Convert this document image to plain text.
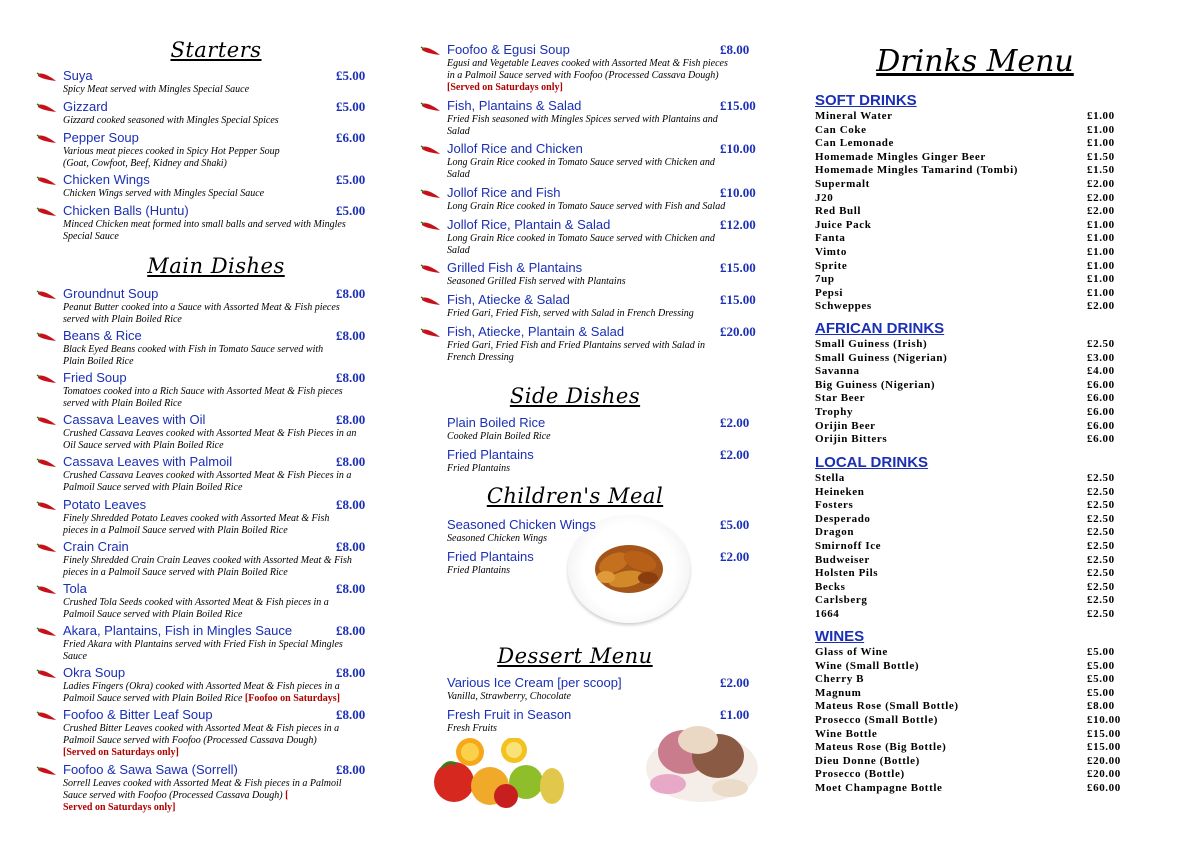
Starters
Suya	£5.00
Spicy Meat served with Mingles Special Sauce
Gizzard	£5.00
Gizzard cooked seasoned with Mingles Special Spices
Pepper Soup	£6.00
Various meat pieces cooked in Spicy Hot Pepper Soup
(Goat, Cowfoot, Beef, Kidney and Shaki)
Chicken Wings	£5.00
Chicken Wings served with Mingles Special Sauce
Chicken Balls (Huntu)	£5.00
Minced Chicken meat formed into small balls and served with Mingles
Special Sauce
Main Dishes
Groundnut Soup	£8.00
Peanut Butter cooked into a Sauce with Assorted Meat & Fish pieces
served with Plain Boiled Rice
Beans & Rice	£8.00
Black Eyed Beans cooked with Fish in Tomato Sauce served with
Plain Boiled Rice
Fried Soup	£8.00
Tomatoes cooked into a Rich Sauce with Assorted Meat & Fish pieces
served with Plain Boiled Rice
Cassava Leaves with Oil	£8.00
Crushed Cassava Leaves cooked with Assorted Meat & Fish Pieces in an
Oil Sauce served with Plain Boiled Rice
Cassava Leaves with Palmoil	£8.00
Crushed Cassava Leaves cooked with Assorted Meat & Fish Pieces in a
Palmoil Sauce served with Plain Boiled Rice
Potato Leaves	£8.00
Finely Shredded Potato Leaves cooked with Assorted Meat & Fish
pieces in a Palmoil Sauce served with Plain Boiled Rice
Crain Crain	£8.00
Finely Shredded Crain Crain Leaves cooked with Assorted Meat & Fish
pieces in a Palmoil Sauce served with Plain Boiled Rice
Tola	£8.00
Crushed Tola Seeds cooked with Assorted Meat & Fish pieces in a
Palmoil Sauce served with Plain Boiled Rice
Akara, Plantains, Fish in Mingles Sauce	£8.00
Fried Akara with Plantains served with Fried Fish in Special Mingles
Sauce
Okra Soup	£8.00
Ladies Fingers (Okra) cooked with Assorted Meat & Fish pieces in a
Palmoil Sauce served with Plain Boiled Rice [Foofoo on Saturdays]
Foofoo & Bitter Leaf Soup	£8.00
Crushed Bitter Leaves cooked with Assorted Meat & Fish pieces in a
Palmoil Sauce served with Foofoo (Processed Cassava Dough)
[Served on Saturdays only]
Foofoo & Sawa Sawa (Sorrell)	£8.00
Sorrell Leaves cooked with Assorted Meat & Fish pieces in a Palmoil
Sauce served with Foofoo (Processed Cassava Dough) [
Served on Saturdays only]
Foofoo & Egusi Soup	£8.00
Egusi and Vegetable Leaves cooked with Assorted Meat & Fish pieces
in a Palmoil Sauce served with Foofoo (Processed Cassava Dough)
[Served on Saturdays only]
Fish, Plantains & Salad	£15.00
Fried Fish seasoned with Mingles Spices served with Plantains and
Salad
Jollof Rice and Chicken	£10.00
Long Grain Rice cooked in Tomato Sauce served with Chicken and
Salad
Jollof Rice and Fish	£10.00
Long Grain Rice cooked in Tomato Sauce served with Fish and Salad
Jollof Rice, Plantain & Salad	£12.00
Long Grain Rice cooked in Tomato Sauce served with Chicken and
Salad
Grilled Fish & Plantains	£15.00
Seasoned Grilled Fish served with Plantains
Fish, Atiecke & Salad	£15.00
Fried Gari, Fried Fish, served with Salad in French Dressing
Fish, Atiecke, Plantain & Salad	£20.00
Fried Gari, Fried Fish and Fried Plantains served with Salad in
French Dressing
Side Dishes
Plain Boiled Rice	£2.00
Cooked Plain Boiled Rice
Fried Plantains	£2.00
Fried Plantains
Children's Meal
Seasoned Chicken Wings	£5.00
Seasoned Chicken Wings
Fried Plantains	£2.00
Fried Plantains
Dessert Menu
Various Ice Cream [per scoop]	£2.00
Vanilla, Strawberry, Chocolate
Fresh Fruit in Season	£1.00
Fresh Fruits
Drinks Menu
SOFT DRINKS
Mineral Water	£1.00
Can Coke	£1.00
Can Lemonade	£1.00
Homemade Mingles Ginger Beer	£1.50
Homemade Mingles Tamarind (Tombi)	£1.50
Supermalt	£2.00
J20	£2.00
Red Bull	£2.00
Juice Pack	£1.00
Fanta	£1.00
Vimto	£1.00
Sprite	£1.00
7up	£1.00
Pepsi	£1.00
Schweppes	£2.00
AFRICAN DRINKS
Small Guiness (Irish)	£2.50
Small Guiness (Nigerian)	£3.00
Savanna	£4.00
Big Guiness (Nigerian)	£6.00
Star Beer	£6.00
Trophy	£6.00
Orijin Beer	£6.00
Orijin Bitters	£6.00
LOCAL DRINKS
Stella	£2.50
Heineken	£2.50
Fosters	£2.50
Desperado	£2.50
Dragon	£2.50
Smirnoff Ice	£2.50
Budweiser	£2.50
Holsten Pils	£2.50
Becks	£2.50
Carlsberg	£2.50
1664	£2.50
WINES
Glass of Wine	£5.00
Wine (Small Bottle)	£5.00
Cherry B	£5.00
Magnum	£5.00
Mateus Rose (Small Bottle)	£8.00
Prosecco (Small Bottle)	£10.00
Wine Bottle	£15.00
Mateus Rose (Big Bottle)	£15.00
Dieu Donne (Bottle)	£20.00
Prosecco (Bottle)	£20.00
Moet Champagne Bottle	£60.00
